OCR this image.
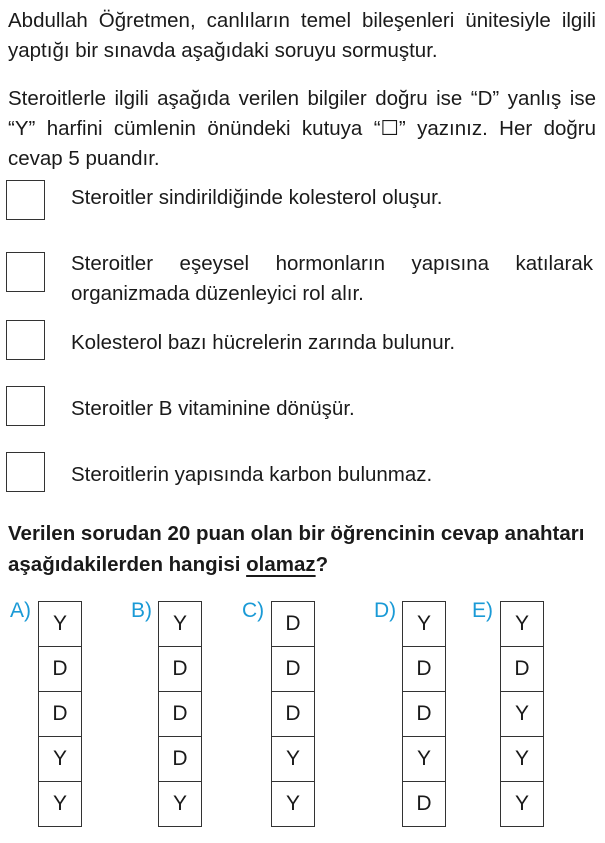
Abdullah Öğretmen, canlıların temel bileşenleri ünitesiyle ilgili yaptığı bir sınavda aşağıdaki soruyu sormuştur.

Steroitlerle ilgili aşağıda verilen bilgiler doğru ise “D” yanlış ise “Y” harfini cümlenin önündeki kutuya “☐” yazınız. Her doğru cevap 5 puandır.

Steroitler sindirildiğinde kolesterol oluşur.
Steroitler eşeysel hormonların yapısına katılarak organizmada düzenleyici rol alır.
Kolesterol bazı hücrelerin zarında bulunur.
Steroitler B vitaminine dönüşür.
Steroitlerin yapısında karbon bulunmaz.

Verilen sorudan 20 puan olan bir öğrencinin cevap anahtarı aşağıdakilerden hangisi olamaz?

A)
Y
D
D
Y
Y
B)
Y
D
D
D
Y
C)
D
D
D
Y
Y
D)
Y
D
D
Y
D
E)
Y
D
Y
Y
Y
